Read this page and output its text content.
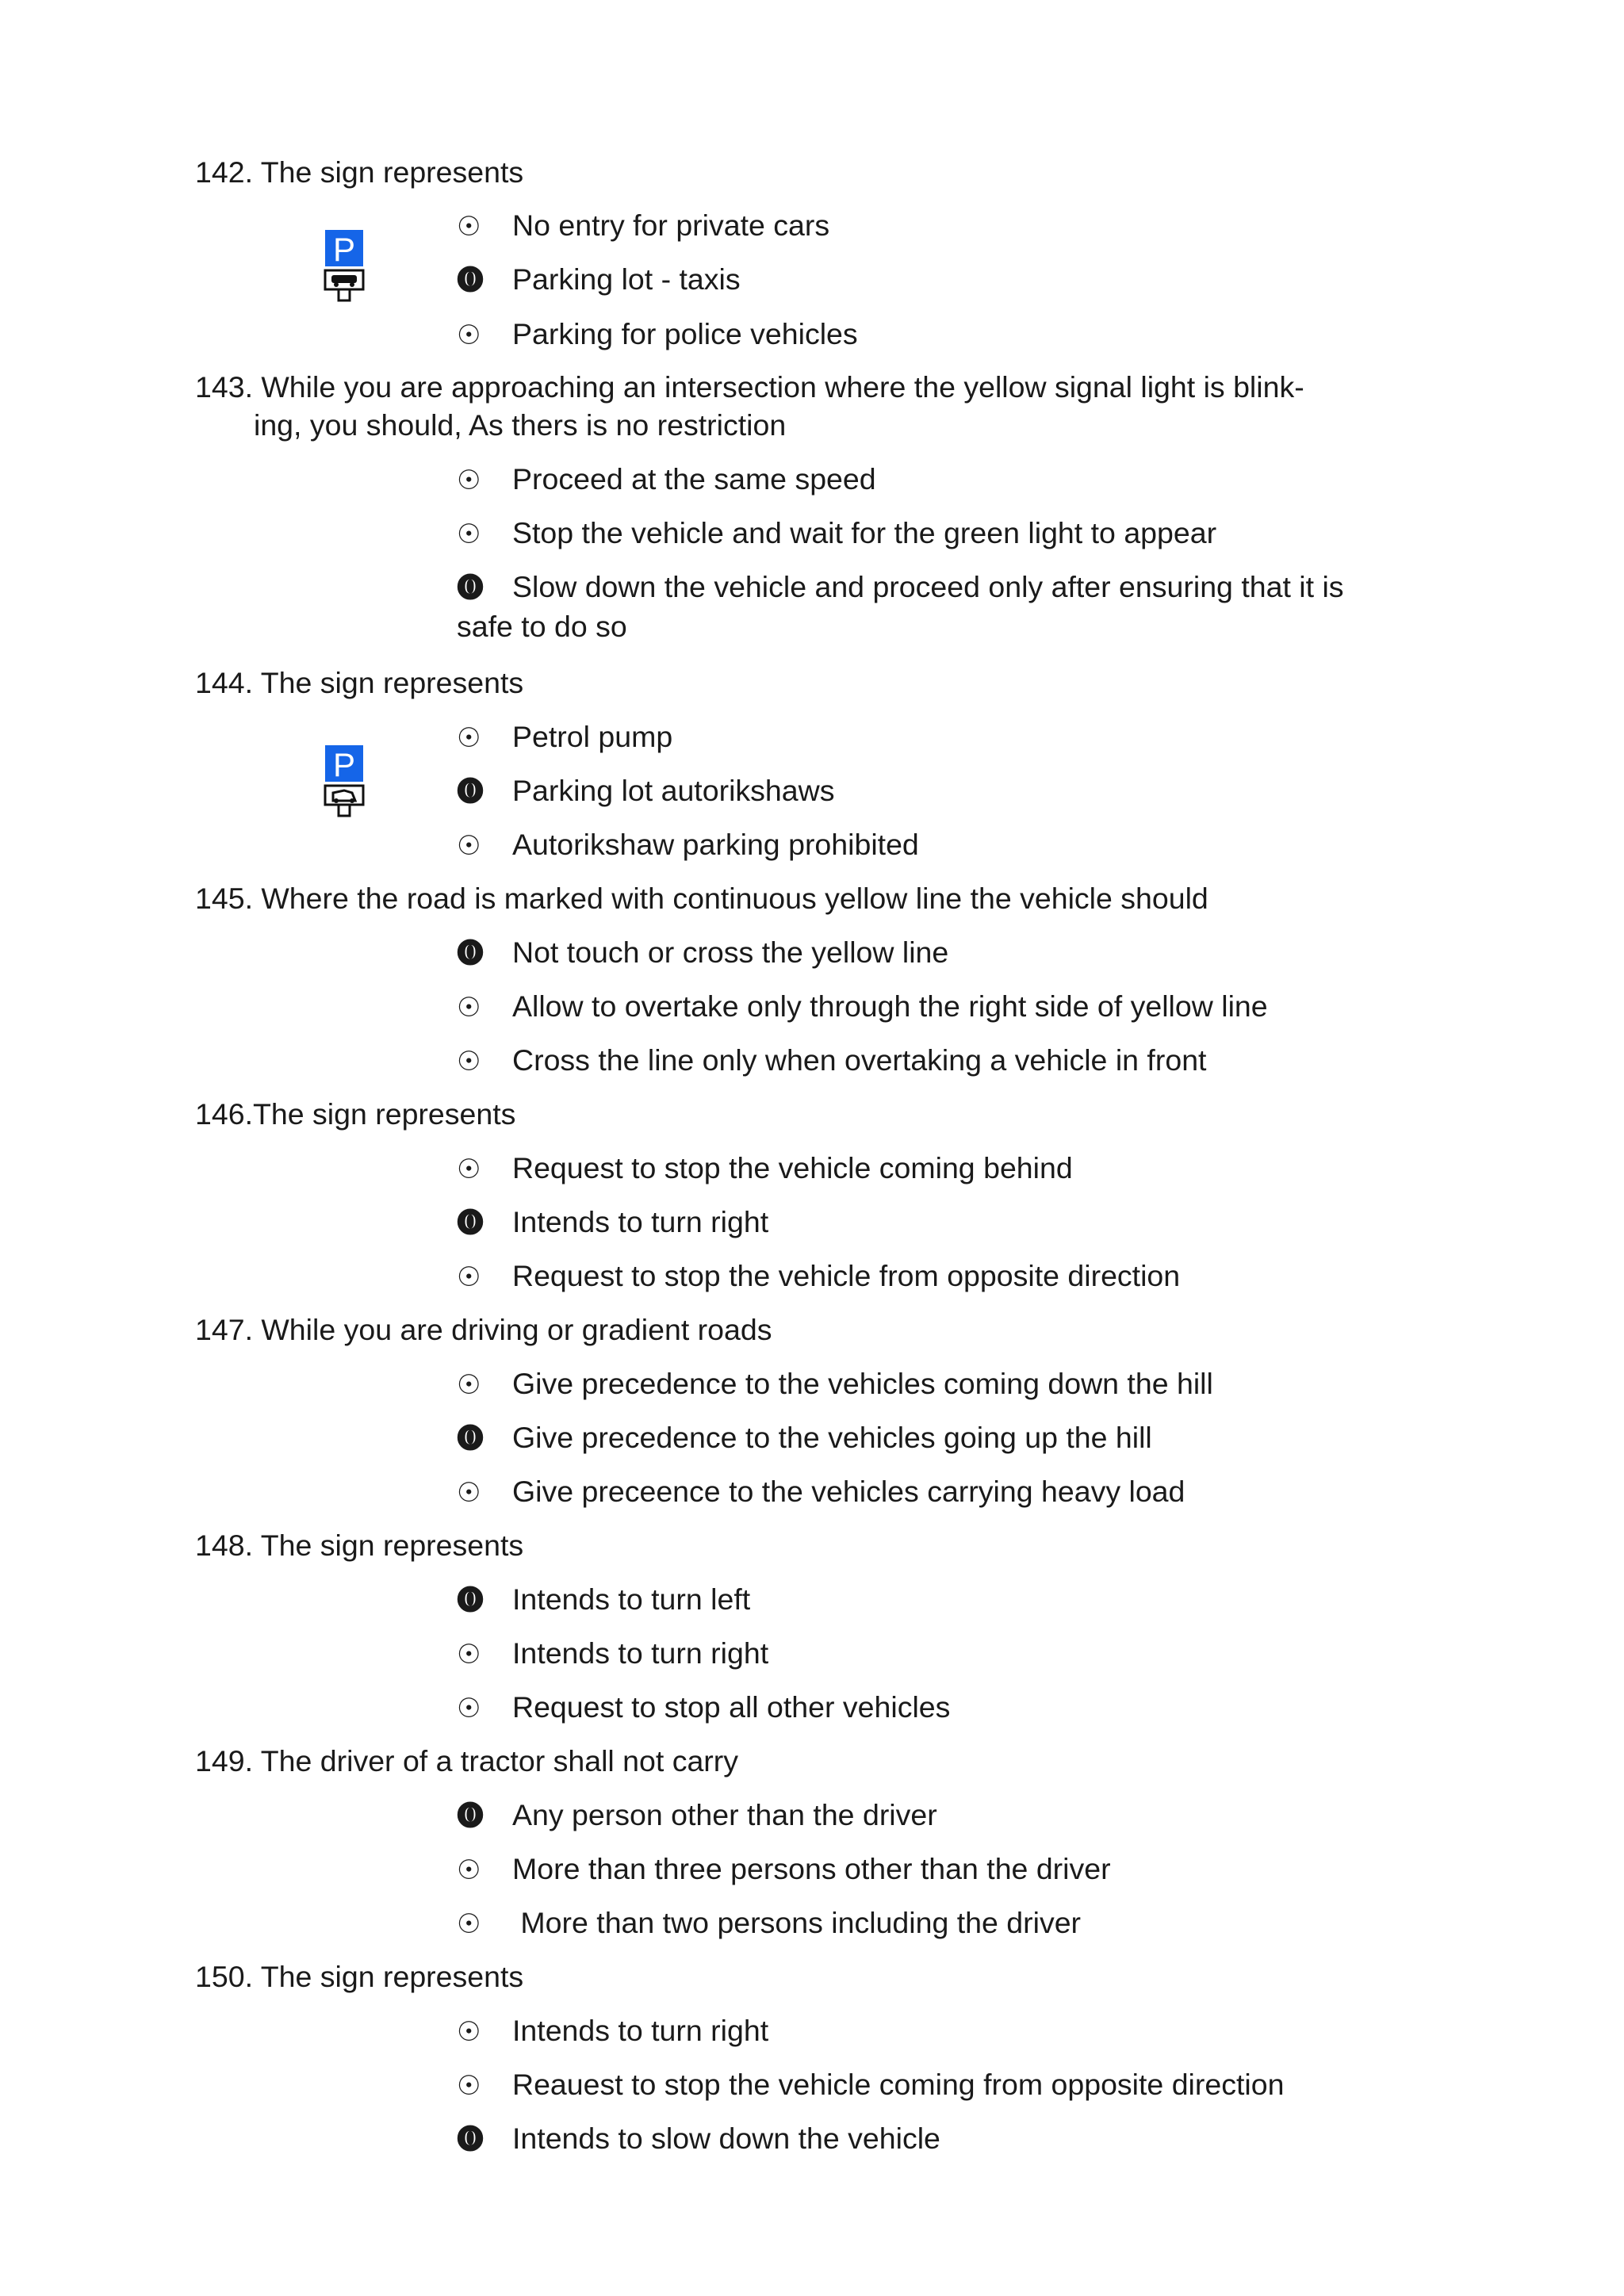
142. The sign represents
P
☉ No entry for private cars
⓿ Parking lot - taxis
☉ Parking for police vehicles
143. While you are approaching an intersection where the yellow signal light is blink-
ing, you should, As thers is no restriction
☉ Proceed at the same speed
☉ Stop the vehicle and wait for the green light to appear
⓿ Slow down the vehicle and proceed only after ensuring that it is safe to do so
144. The sign represents
P
☉ Petrol pump
⓿ Parking lot autorikshaws
☉ Autorikshaw parking prohibited
145. Where the road is marked with continuous yellow line the vehicle should
⓿ Not touch or cross the yellow line
☉ Allow to overtake only through the right side of yellow line
☉ Cross the line only when overtaking a vehicle in front
146.The sign represents
☉ Request to stop the vehicle coming behind
⓿ Intends to turn right
☉ Request to stop the vehicle from opposite direction
147. While you are driving or gradient roads
☉ Give precedence to the vehicles coming down the hill
⓿ Give precedence to the vehicles going up the hill
☉ Give preceence to the vehicles carrying heavy load
148. The sign represents
⓿ Intends to turn left
☉ Intends to turn right
☉ Request to stop all other vehicles
149. The driver of a tractor shall not carry
⓿ Any person other than the driver
☉ More than three persons other than the driver
☉ More than two persons including the driver
150. The sign represents
☉ Intends to turn right
☉ Reauest to stop the vehicle coming from opposite direction
⓿ Intends to slow down the vehicle
